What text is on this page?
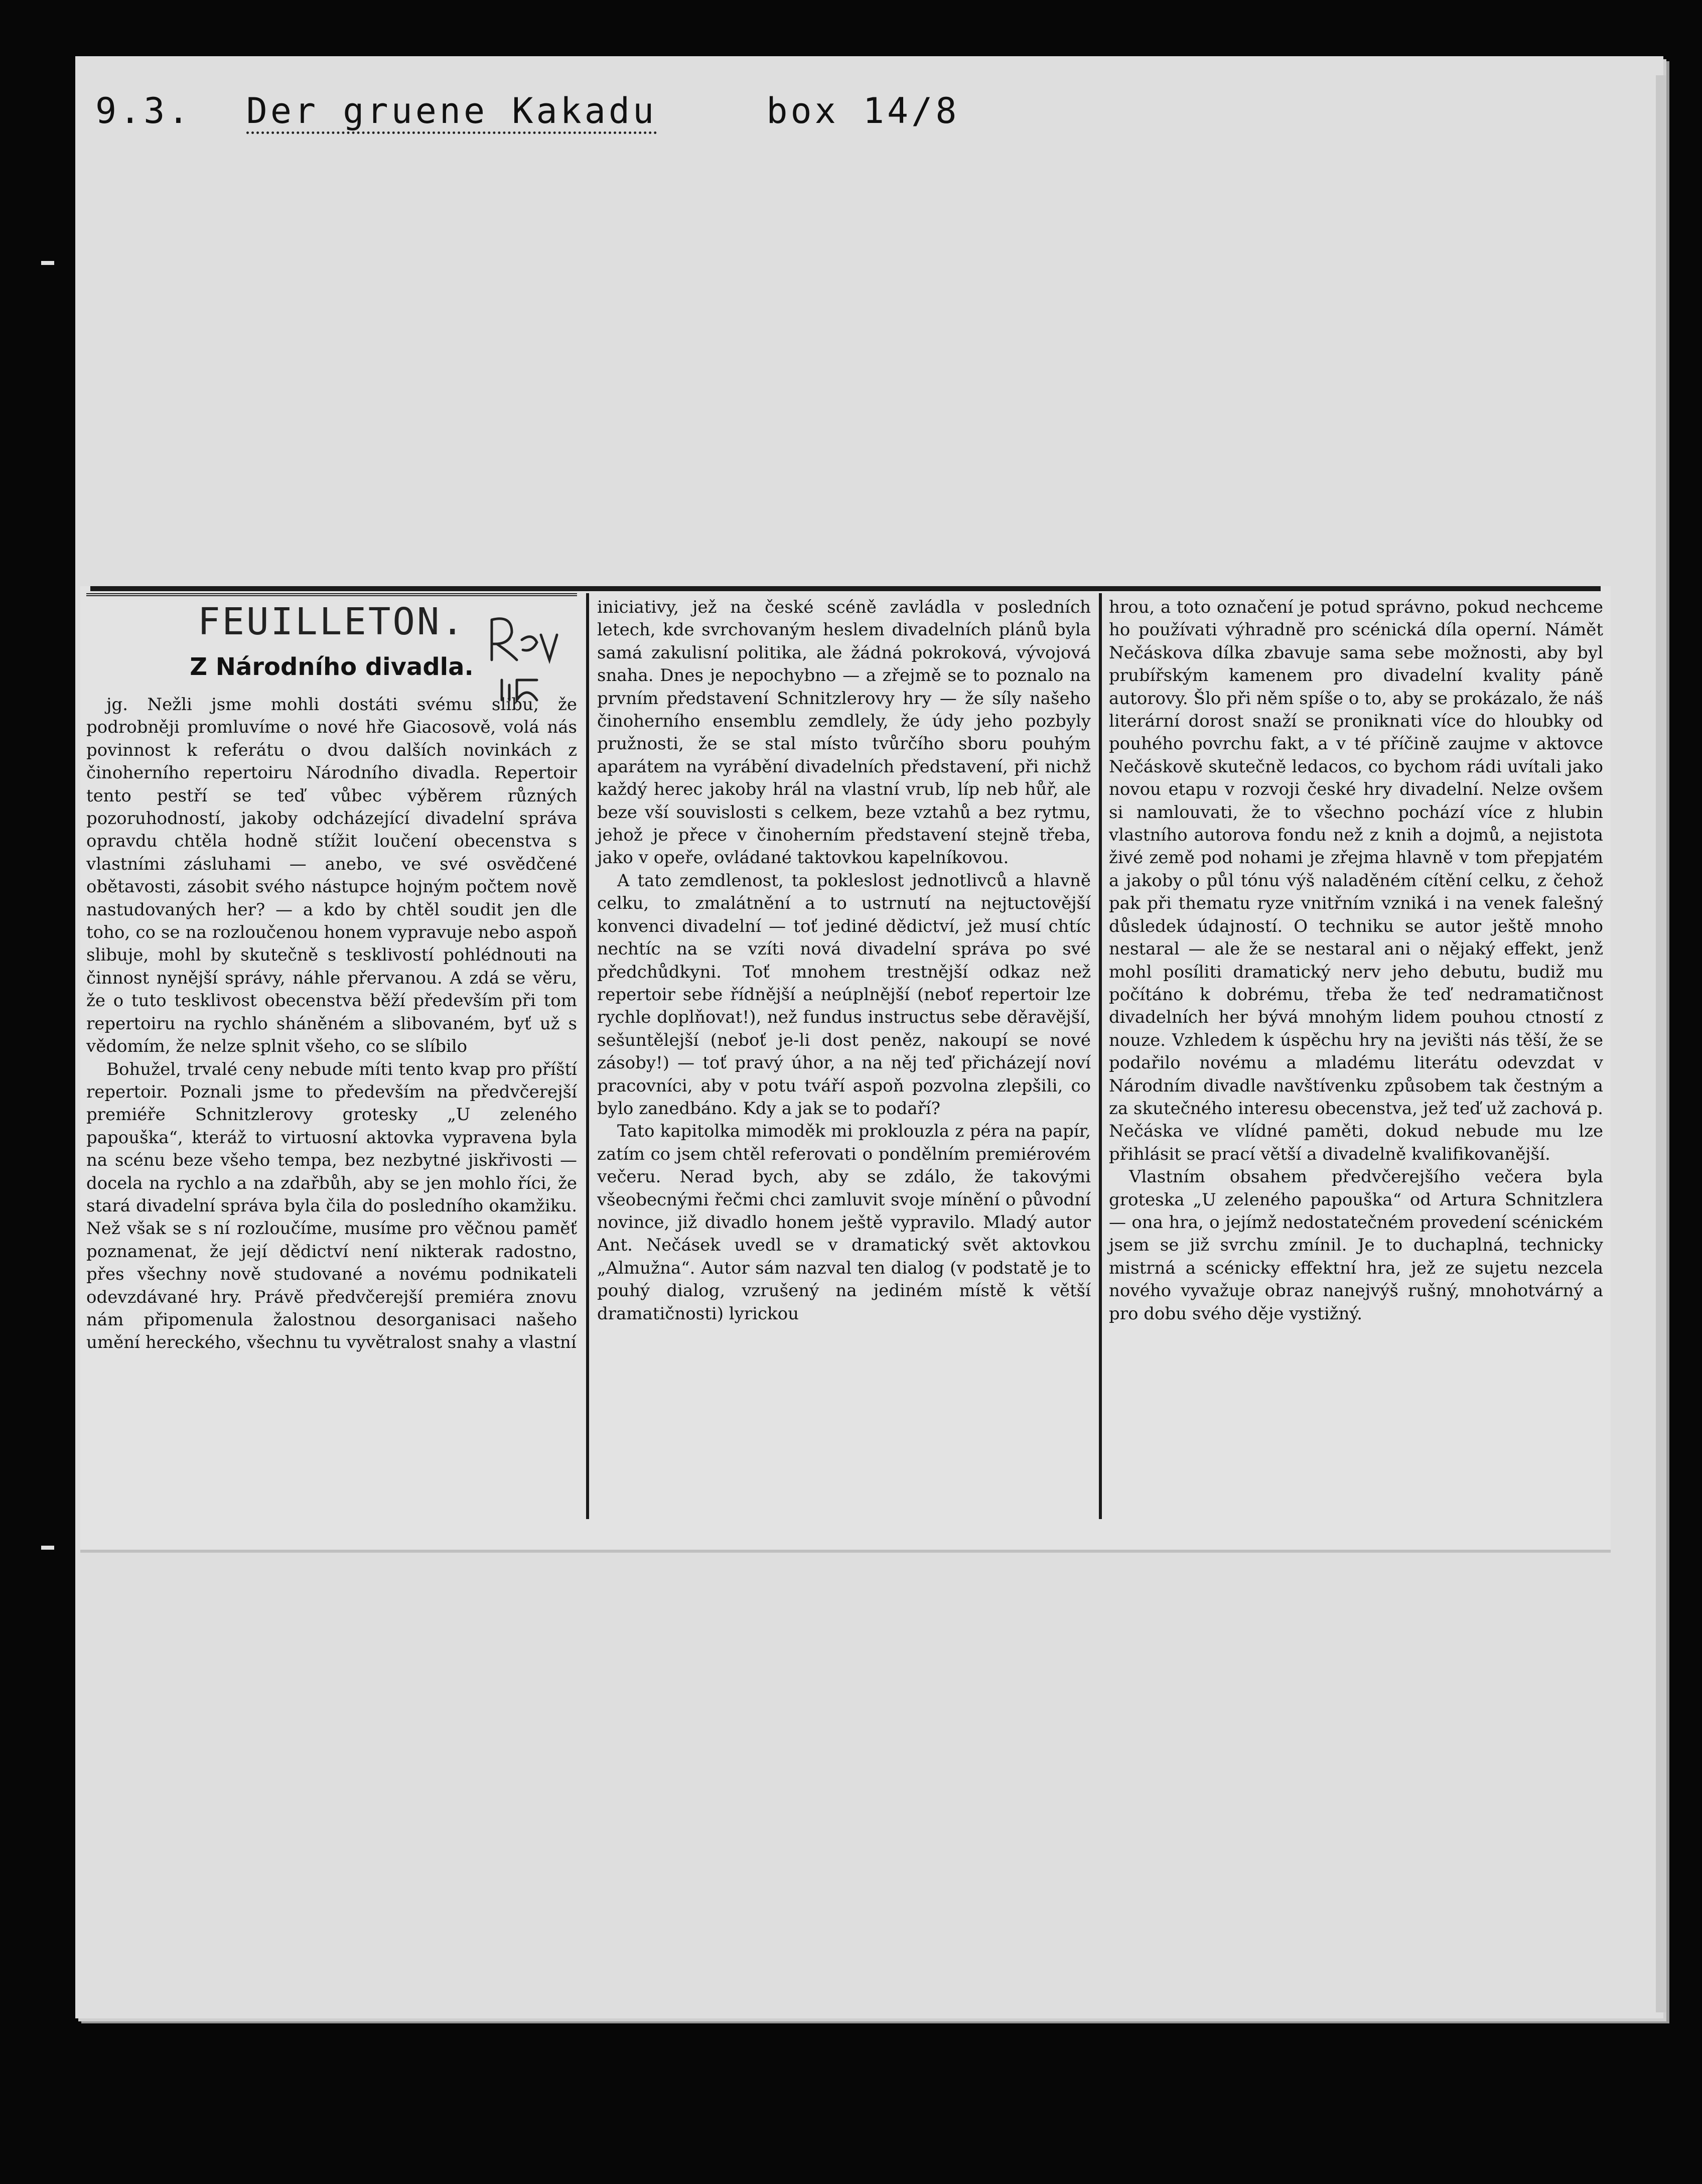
9.3. Der gruene Kakadu	box 14/8
FEUILLETON.
Z Národního divadla.

jg. Nežli jsme mohli dostáti svému slibu, že podrobněji promluvíme o nové hře Giacosově, volá nás povinnost k referátu o dvou dalších novinkách z činoherního repertoiru Národního divadla. Repertoir tento pestří se teď vůbec výběrem různých pozoruhodností, jakoby odcházející divadelní správa opravdu chtěla hodně stížit loučení obecenstva s vlastními zásluhami — anebo, ve své osvědčené obětavosti, zásobit svého nástupce hojným počtem nově nastudovaných her? — a kdo by chtěl soudit jen dle toho, co se na rozloučenou honem vypravuje nebo aspoň slibuje, mohl by skutečně s tesklivostí pohlédnouti na činnost nynější správy, náhle přervanou. A zdá se věru, že o tuto tesklivost obecenstva běží především při tom repertoiru na rychlo sháněném a slibovaném, byť už s vědomím, že nelze splnit všeho, co se slíbilo

Bohužel, trvalé ceny nebude míti tento kvap pro příští repertoir. Poznali jsme to především na předvčerejší premiéře Schnitzlerovy grotesky „U zeleného papouška“, kteráž to virtuosní aktovka vypravena byla na scénu beze všeho tempa, bez nezbytné jiskřivosti — docela na rychlo a na zdařbůh, aby se jen mohlo říci, že stará divadelní správa byla čila do posledního okamžiku. Než však se s ní rozloučíme, musíme pro věčnou paměť poznamenat, že její dědictví není nikterak radostno, přes všechny nově studované a novému podnikateli odevzdávané hry. Právě předvčerejší premiéra znovu nám připomenula žalostnou desorganisaci našeho umění hereckého, všechnu tu vyvětralost snahy a vlastní

iniciativy, jež na české scéně zavládla v posledních letech, kde svrchovaným heslem divadelních plánů byla samá zakulisní politika, ale žádná pokroková, vývojová snaha. Dnes je nepochybno — a zřejmě se to poznalo na prvním představení Schnitzlerovy hry — že síly našeho činoherního ensemblu zemdlely, že údy jeho pozbyly pružnosti, že se stal místo tvůrčího sboru pouhým aparátem na vyrábění divadelních představení, při nichž každý herec jakoby hrál na vlastní vrub, líp neb hůř, ale beze vší souvislosti s celkem, beze vztahů a bez rytmu, jehož je přece v činoherním představení stejně třeba, jako v opeře, ovládané taktovkou kapelníkovou.

A tato zemdlenost, ta pokleslost jednotlivců a hlavně celku, to zmalátnění a to ustrnutí na nejtuctovější konvenci divadelní — toť jediné dědictví, jež musí chtíc nechtíc na se vzíti nová divadelní správa po své předchůdkyni. Toť mnohem trestnější odkaz než repertoir sebe řídnější a neúplnější (neboť repertoir lze rychle doplňovat!), než fundus instructus sebe děravější, sešuntělejší (neboť je-li dost peněz, nakoupí se nové zásoby!) — toť pravý úhor, a na něj teď přicházejí noví pracovníci, aby v potu tváří aspoň pozvolna zlepšili, co bylo zanedbáno. Kdy a jak se to podaří?

Tato kapitolka mimoděk mi proklouzla z péra na papír, zatím co jsem chtěl referovati o pondělním premiérovém večeru. Nerad bych, aby se zdálo, že takovými všeobecnými řečmi chci zamluvit svoje mínění o původní novince, již divadlo honem ještě vypravilo. Mladý autor Ant. Nečásek uvedl se v dramatický svět aktovkou „Almužna“. Autor sám nazval ten dialog (v podstatě je to pouhý dialog, vzrušený na jediném místě k větší dramatičnosti) lyrickou

hrou, a toto označení je potud správno, pokud nechceme ho používati výhradně pro scénická díla operní. Námět Nečáskova dílka zbavuje sama sebe možnosti, aby byl prubířským kamenem pro divadelní kvality páně autorovy. Šlo při něm spíše o to, aby se prokázalo, že náš literární dorost snaží se proniknati více do hloubky od pouhého povrchu fakt, a v té příčině zaujme v aktovce Nečáskově skutečně ledacos, co bychom rádi uvítali jako novou etapu v rozvoji české hry divadelní. Nelze ovšem si namlouvati, že to všechno pochází více z hlubin vlastního autorova fondu než z knih a dojmů, a nejistota živé země pod nohami je zřejma hlavně v tom přepjatém a jakoby o půl tónu výš naladěném cítění celku, z čehož pak při thematu ryze vnitřním vzniká i na venek falešný důsledek údajností. O techniku se autor ještě mnoho nestaral — ale že se nestaral ani o nějaký effekt, jenž mohl posíliti dramatický nerv jeho debutu, budiž mu počítáno k dobrému, třeba že teď nedramatičnost divadelních her bývá mnohým lidem pouhou ctností z nouze. Vzhledem k úspěchu hry na jevišti nás těší, že se podařilo novému a mladému literátu odevzdat v Národním divadle navštívenku způsobem tak čestným a za skutečného interesu obecenstva, jež teď už zachová p. Nečáska ve vlídné paměti, dokud nebude mu lze přihlásit se prací větší a divadelně kvalifikovanější.

Vlastním obsahem předvčerejšího večera byla groteska „U zeleného papouška“ od Artura Schnitzlera — ona hra, o jejímž nedostatečném provedení scénickém jsem se již svrchu zmínil. Je to duchaplná, technicky mistrná a scénicky effektní hra, jež ze sujetu nezcela nového vyvažuje obraz nanejvýš rušný, mnohotvárný a pro dobu svého děje vystižný.
